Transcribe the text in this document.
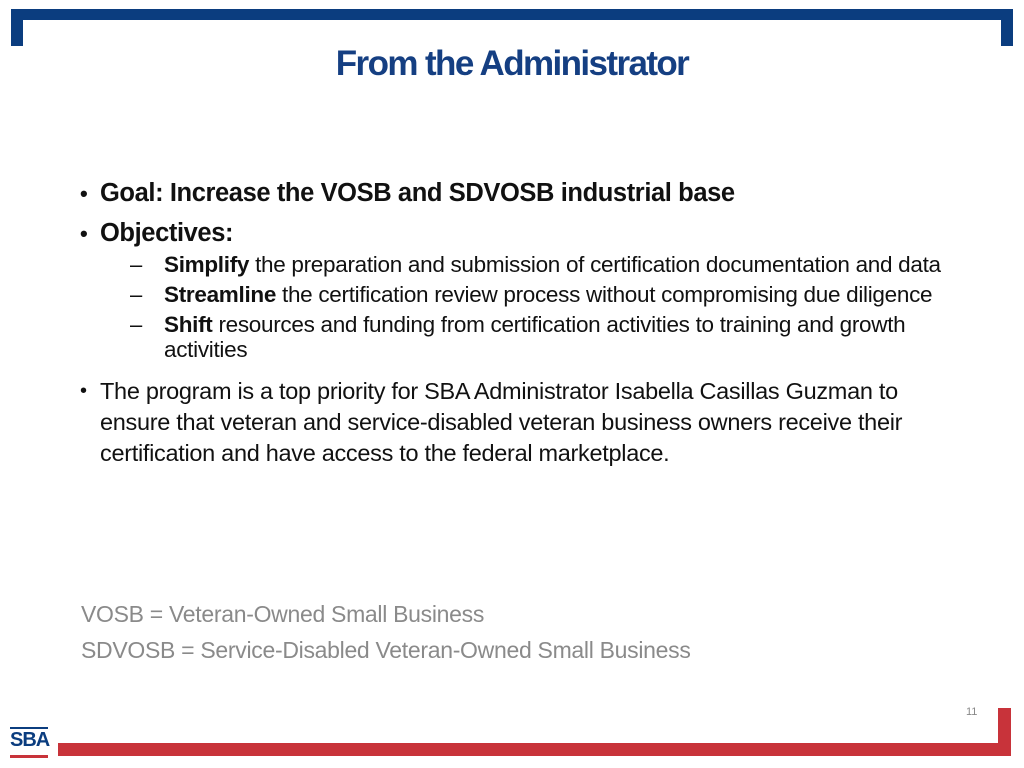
From the Administrator
• Goal: Increase the VOSB and SDVOSB industrial base
• Objectives:
– Simplify the preparation and submission of certification documentation and data
– Streamline the certification review process without compromising due diligence
– Shift resources and funding from certification activities to training and growth activities
• The program is a top priority for SBA Administrator Isabella Casillas Guzman to ensure that veteran and service-disabled veteran business owners receive their certification and have access to the federal marketplace.
VOSB = Veteran-Owned Small Business
SDVOSB = Service-Disabled Veteran-Owned Small Business
11
SBA
